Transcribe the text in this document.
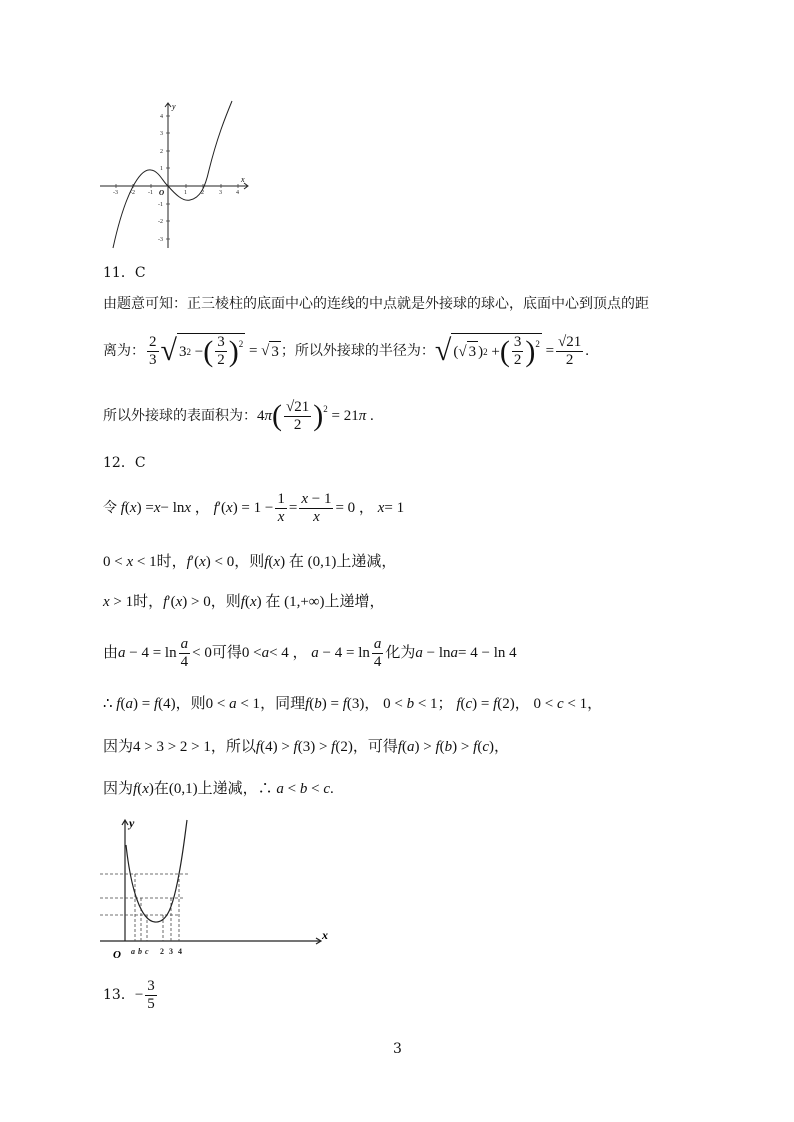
-3 -2 -1	1 2	3 4
4
3
2
1
-1
-2
-3
x
y
O
11．C
由题意可知：正三棱柱的底面中心的连线的中点就是外接球的球心，底面中心到顶点的距
离为： $\frac{2}{3}$ √ 3 2 − ( $\frac{3}{2} )^2$ = √ 3 ；所以外接球的半径为： √ (√ 3 ) 2 + ( $\frac{3}{2} )^2 = \frac{√21}{2}$ .
所以外接球的表面积为： 4 π ( $\frac{√21}{2} )^2 = 21$ π .
12．C
令
f ( x ) = x − ln x ， f ′( x ) = $1 - \frac{1}{x} = \frac{x - 1}{x} = 0$ ， x = 1
0 < x < 1时，f′(x) < 0，则f(x) 在 (0,1)上递减，
x > 1时，f′(x) > 0，则f(x) 在 (1,+∞)上递增，
由 $a - 4 = \ln \frac{a}{4} < 0$ 可得 0 < a < 4 ， $a - 4 = \ln \frac{a}{4}$ 化为 a − ln a = 4 − ln 4
∴ f(a) = f(4)，则0 < a < 1，同理f(b) = f(3)， 0 < b < 1； f(c) = f(2)， 0 < c < 1，
因为4 > 3 > 2 > 1，所以f(4) > f(3) > f(2)，可得f(a) > f(b) > f(c)，
因为f(x)在(0,1)上递减，∴ a < b < c.
x
y
O a b c 2 3 4
13． − $\frac{3}{5}$
3
